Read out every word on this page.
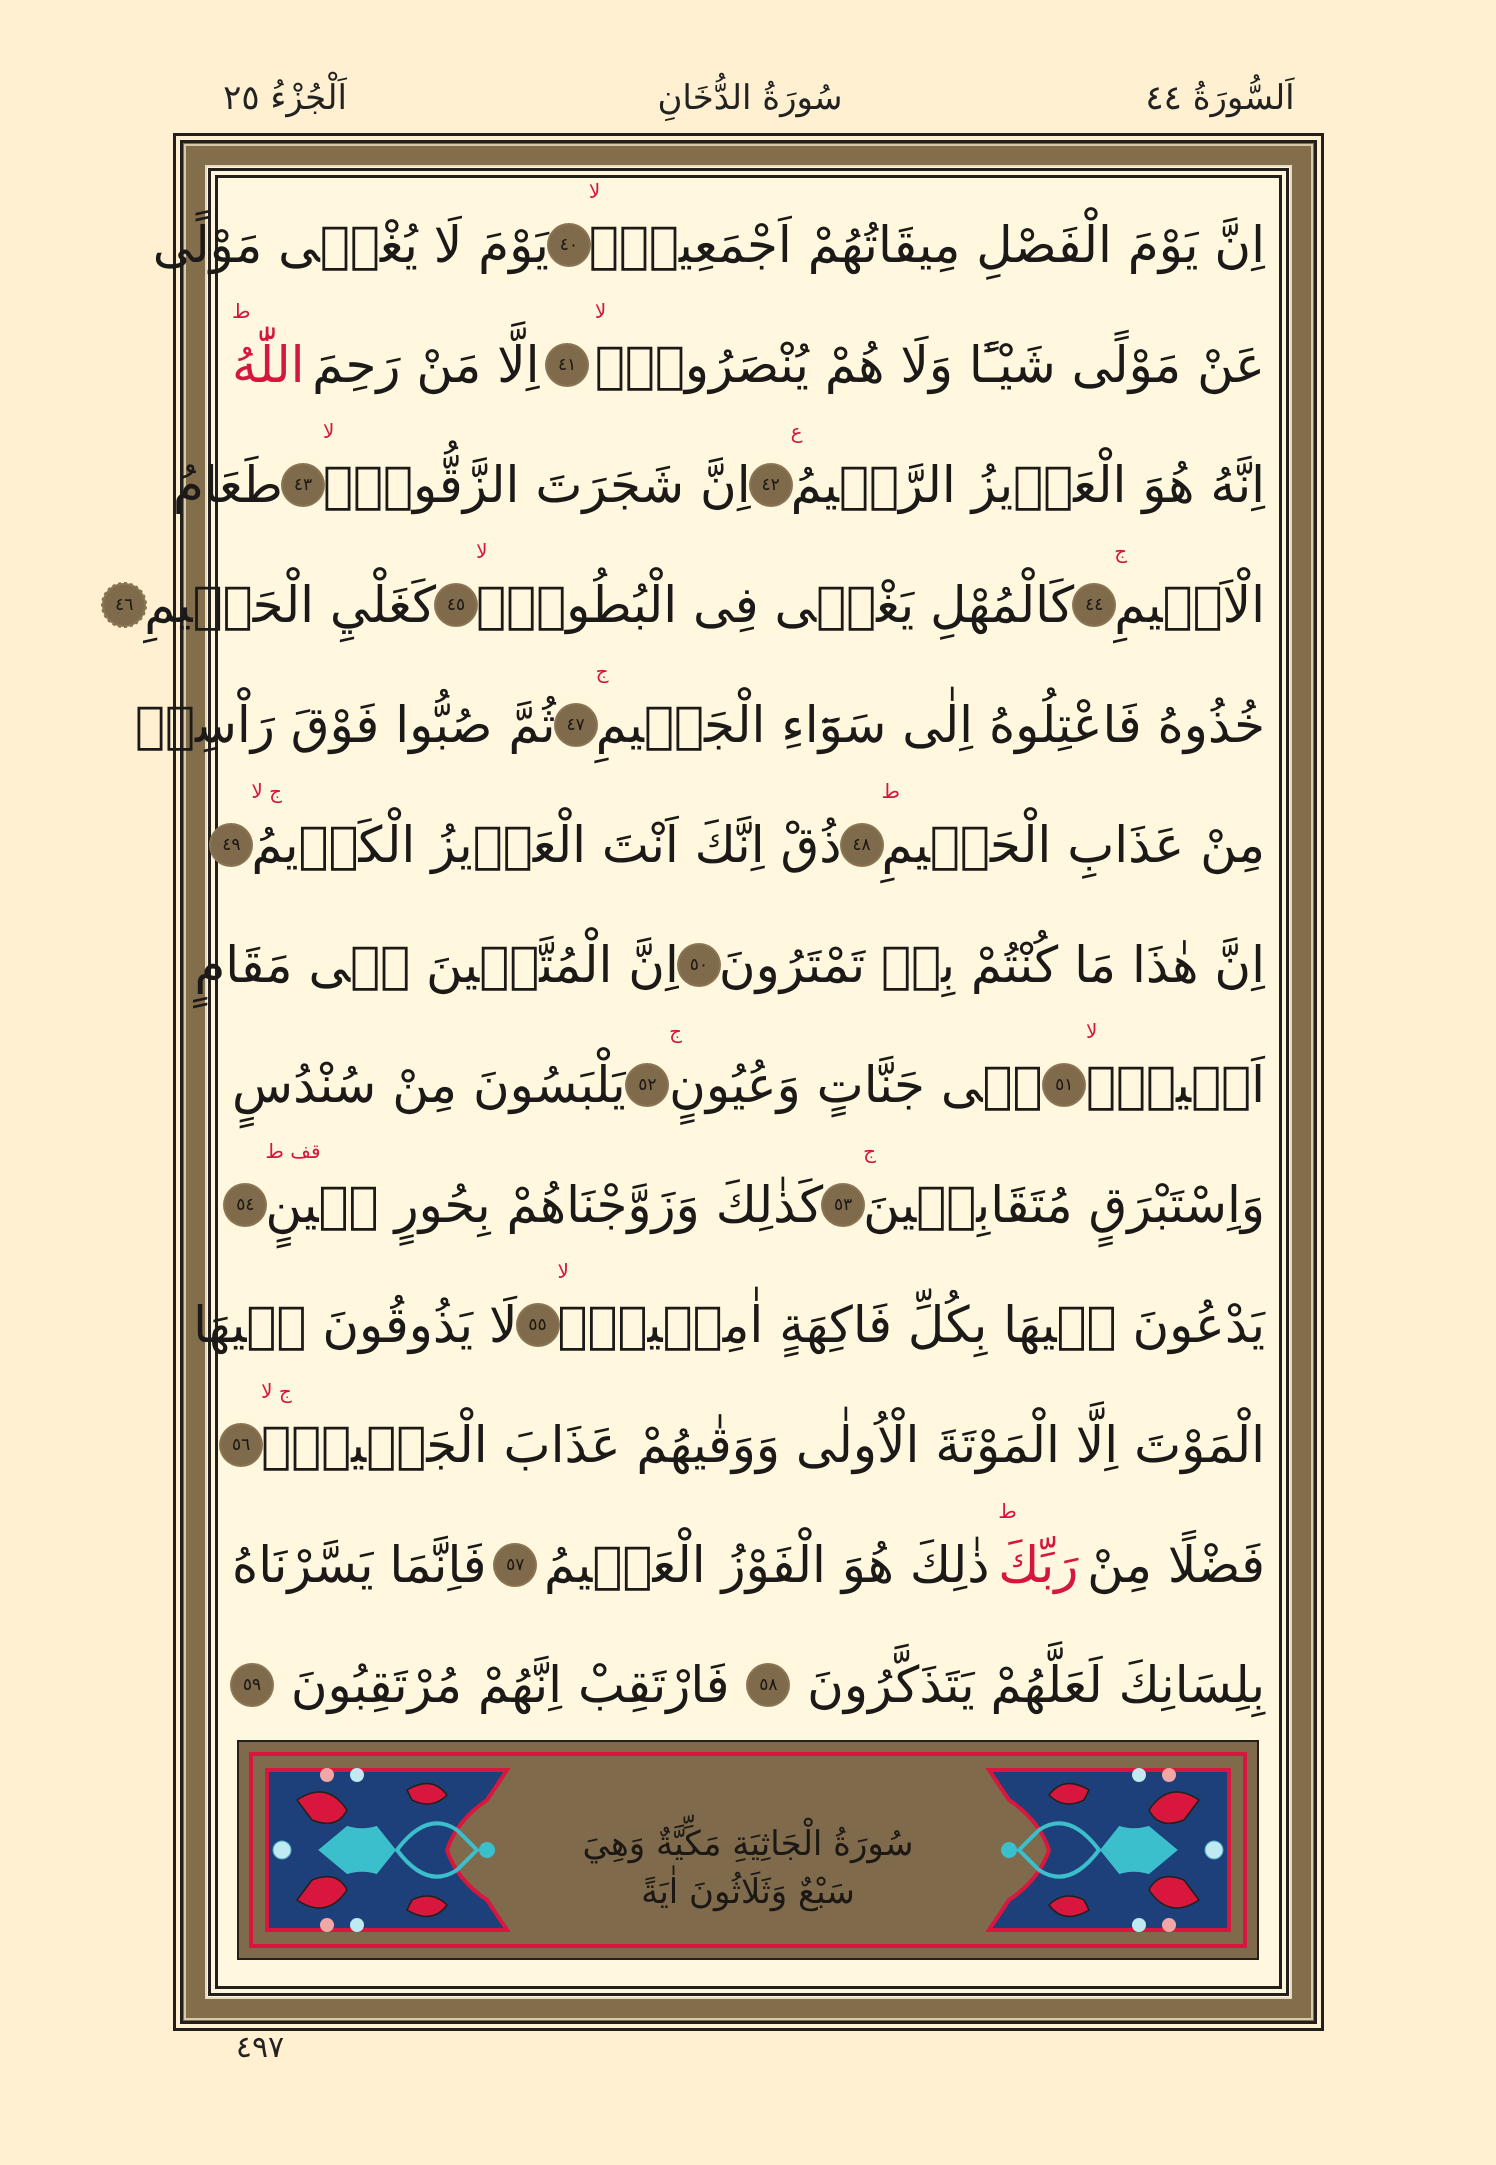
اَلْجُزْءُ ٢٥	سُورَةُ الدُّخَانِ	اَلسُّورَةُ ٤٤
اِنَّ يَوْمَ الْفَصْلِ مِيقَاتُهُمْ اَجْمَعِينَۙ
لا
٤٠
يَوْمَ لَا يُغْنٖى مَوْلًى
عَنْ مَوْلًى شَيْـًٔا وَلَا هُمْ يُنْصَرُونَۙ
لا
٤١
اِلَّا مَنْ رَحِمَ
اللّٰهُ
ط
اِنَّهُ هُوَ الْعَزٖيزُ الرَّحٖيمُ
ع
٤٢
اِنَّ شَجَرَتَ الزَّقُّومِۙ
لا
٤٣
طَعَامُ
الْاَثٖيمِ
ج
٤٤
كَالْمُهْلِ يَغْلٖى فِى الْبُطُونِۙ
لا
٤٥
كَغَلْيِ الْحَمٖيمِ
٤٦
خُذُوهُ فَاعْتِلُوهُ اِلٰى سَوَٓاءِ الْجَحٖيمِ
ج
٤٧
ثُمَّ صُبُّوا فَوْقَ رَاْسِهٖ
مِنْ عَذَابِ الْحَمٖيمِ
ط
٤٨
ذُقْ اِنَّكَ اَنْتَ الْعَزٖيزُ الْكَرٖيمُ
ج لا
٤٩
اِنَّ هٰذَا مَا كُنْتُمْ بِهٖ تَمْتَرُونَ
٥٠
اِنَّ الْمُتَّقٖينَ فٖى مَقَامٍ
اَمٖينٍۙ
لا
٥١
فٖى جَنَّاتٍ وَعُيُونٍ
ج
٥٢
يَلْبَسُونَ مِنْ سُنْدُسٍ
وَاِسْتَبْرَقٍ مُتَقَابِلٖينَ
ج
٥٣
كَذٰلِكَ وَزَوَّجْنَاهُمْ بِحُورٍ عٖينٍ
قف ط
٥٤
يَدْعُونَ فٖيهَا بِكُلِّ فَاكِهَةٍ اٰمِنٖينَۙ
لا
٥٥
لَا يَذُوقُونَ فٖيهَا
الْمَوْتَ اِلَّا الْمَوْتَةَ الْاُولٰى وَوَقٰيهُمْ عَذَابَ الْجَحٖيمِۙ
ج لا
٥٦
فَضْلًا مِنْ
رَبِّكَ
ط
ذٰلِكَ هُوَ الْفَوْزُ الْعَظٖيمُ
٥٧
فَاِنَّمَا يَسَّرْنَاهُ
بِلِسَانِكَ لَعَلَّهُمْ يَتَذَكَّرُونَ
٥٨
فَارْتَقِبْ اِنَّهُمْ مُرْتَقِبُونَ
٥٩
سُورَةُ الْجَاثِيَةِ مَكِّيَّةٌ وَهِيَ
سَبْعٌ وَثَلَاثُونَ اٰيَةً
٤٩٧
